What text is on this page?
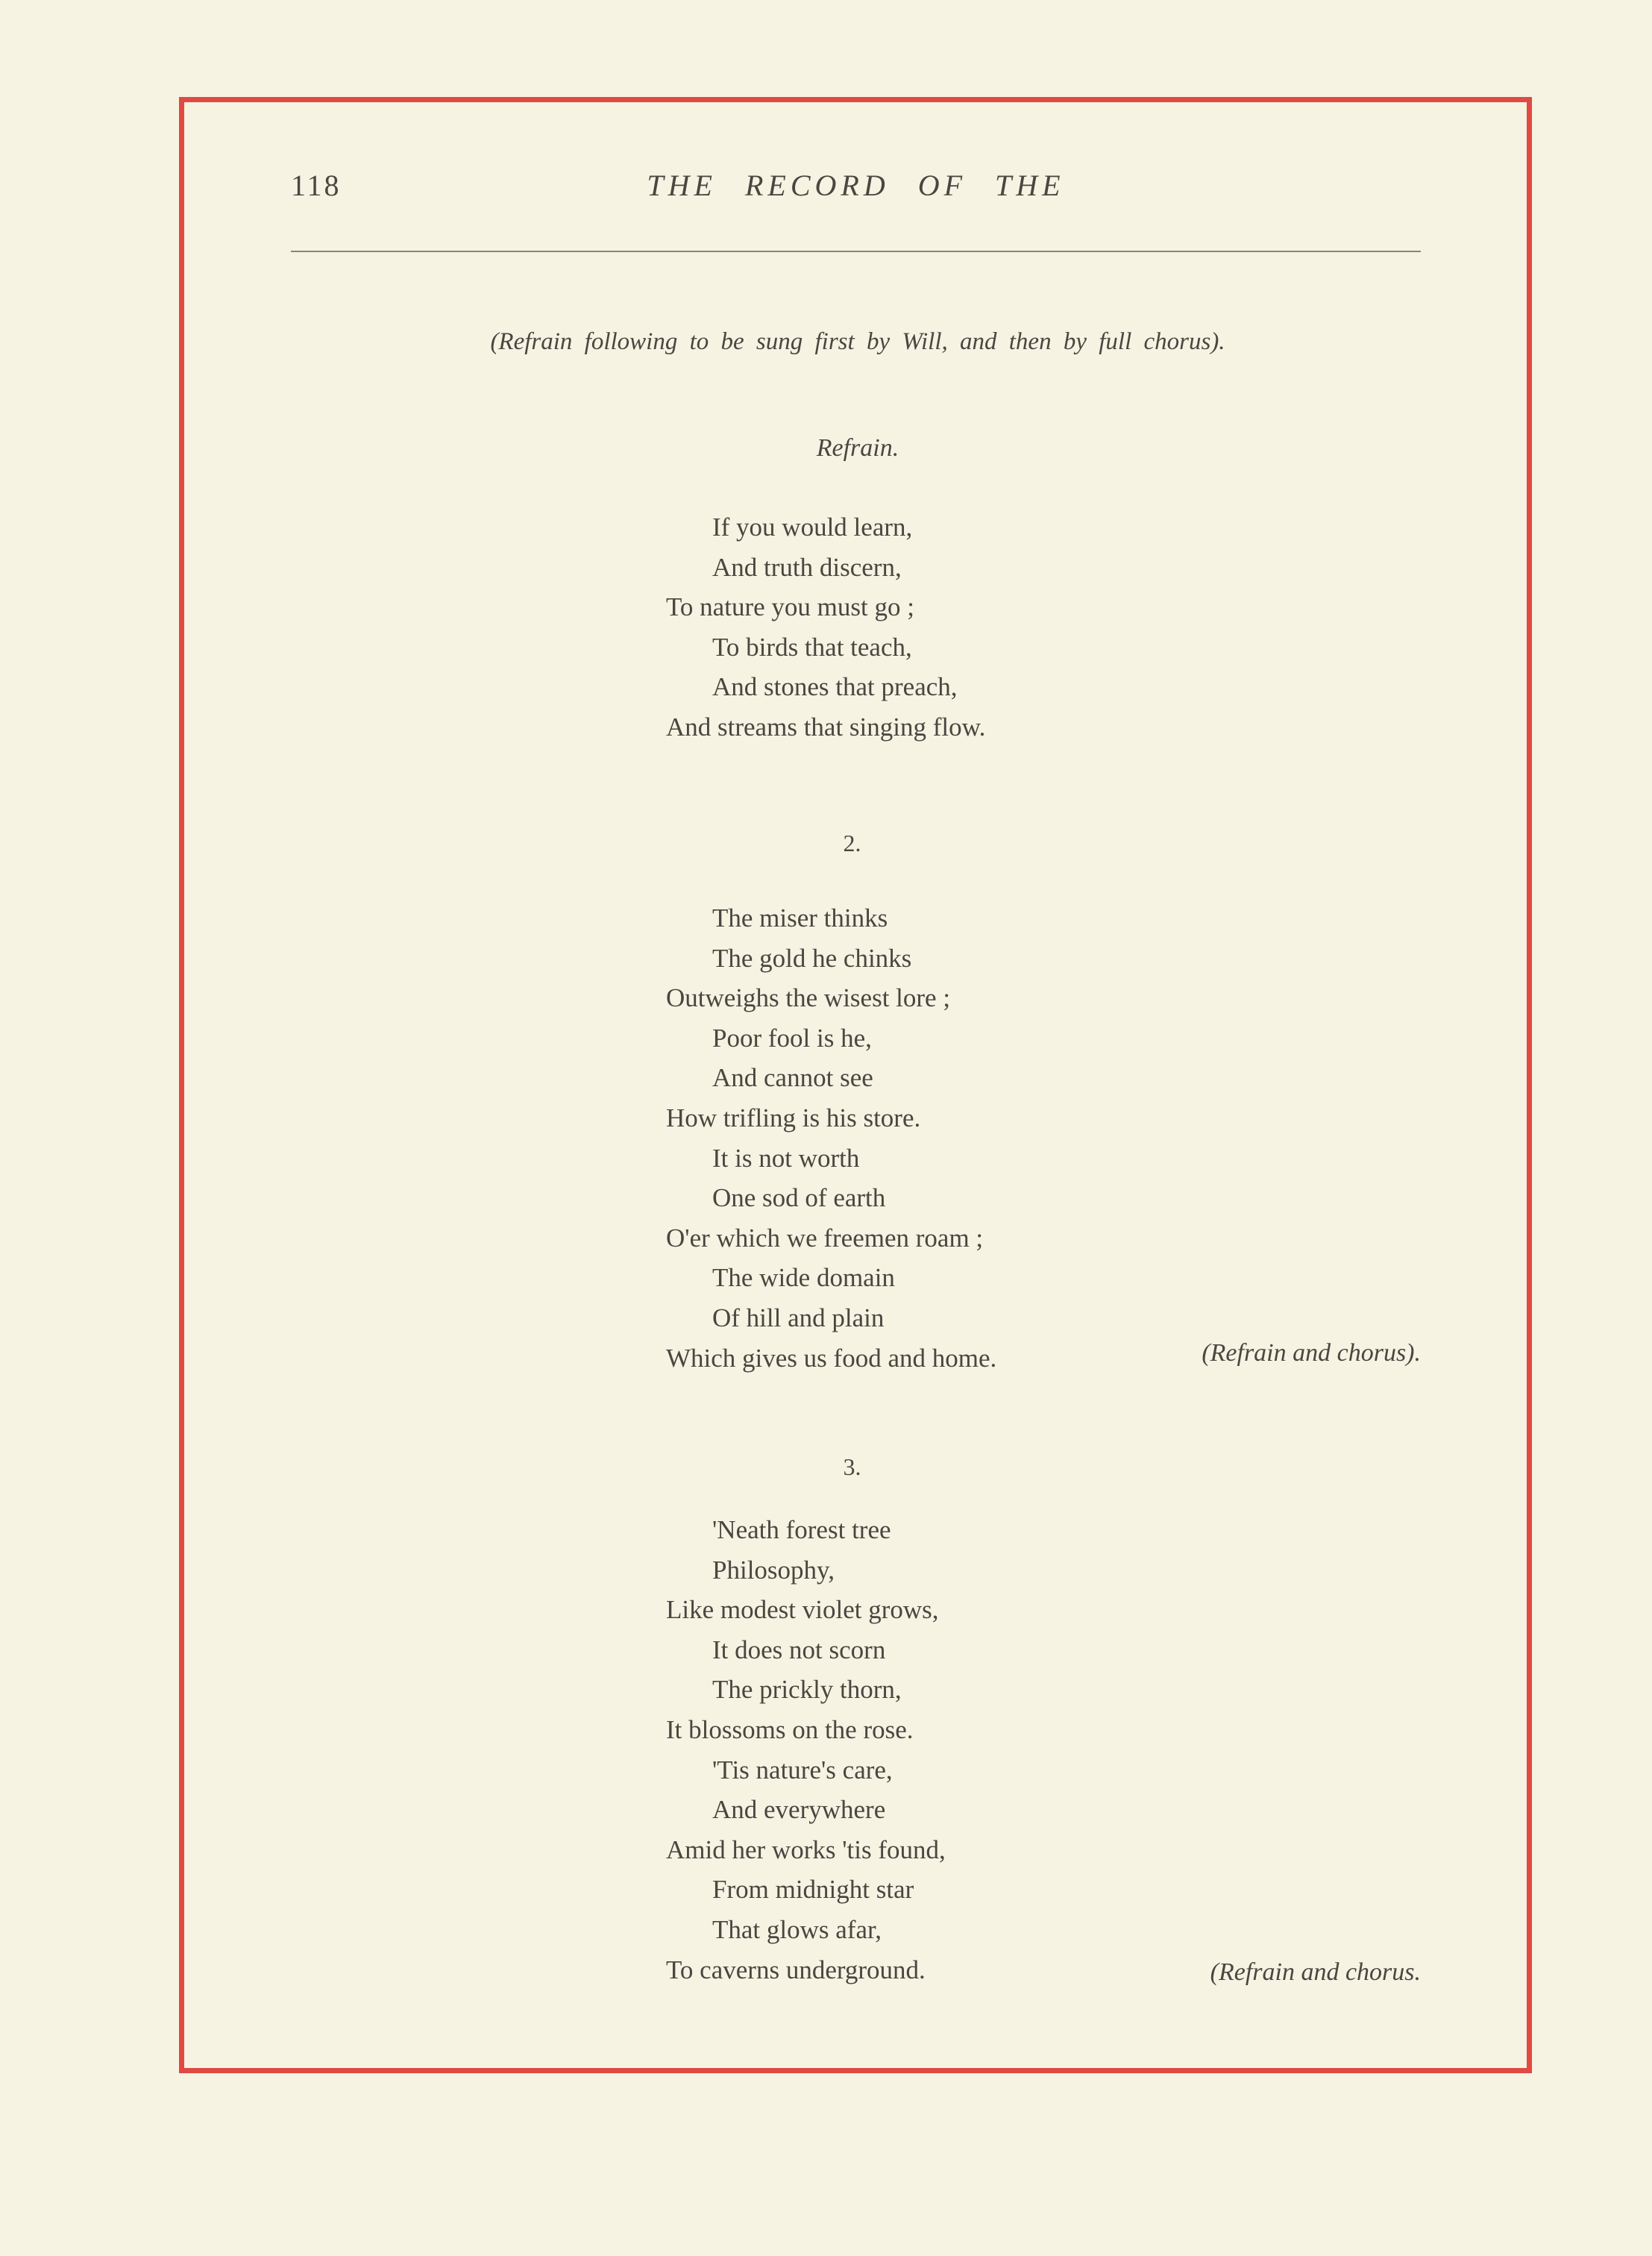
118	THE RECORD OF THE
(Refrain following to be sung first by Will, and then by full chorus).
Refrain.
If you would learn,
And truth discern,
To nature you must go ;
To birds that teach,
And stones that preach,
And streams that singing flow.
2.
The miser thinks
The gold he chinks
Outweighs the wisest lore ;
Poor fool is he,
And cannot see
How trifling is his store.
It is not worth
One sod of earth
O'er which we freemen roam ;
The wide domain
Of hill and plain
Which gives us food and home.	(Refrain and chorus).
3.
'Neath forest tree
Philosophy,
Like modest violet grows,
It does not scorn
The prickly thorn,
It blossoms on the rose.
'Tis nature's care,
And everywhere
Amid her works 'tis found,
From midnight star
That glows afar,
To caverns underground.	(Refrain and chorus.
